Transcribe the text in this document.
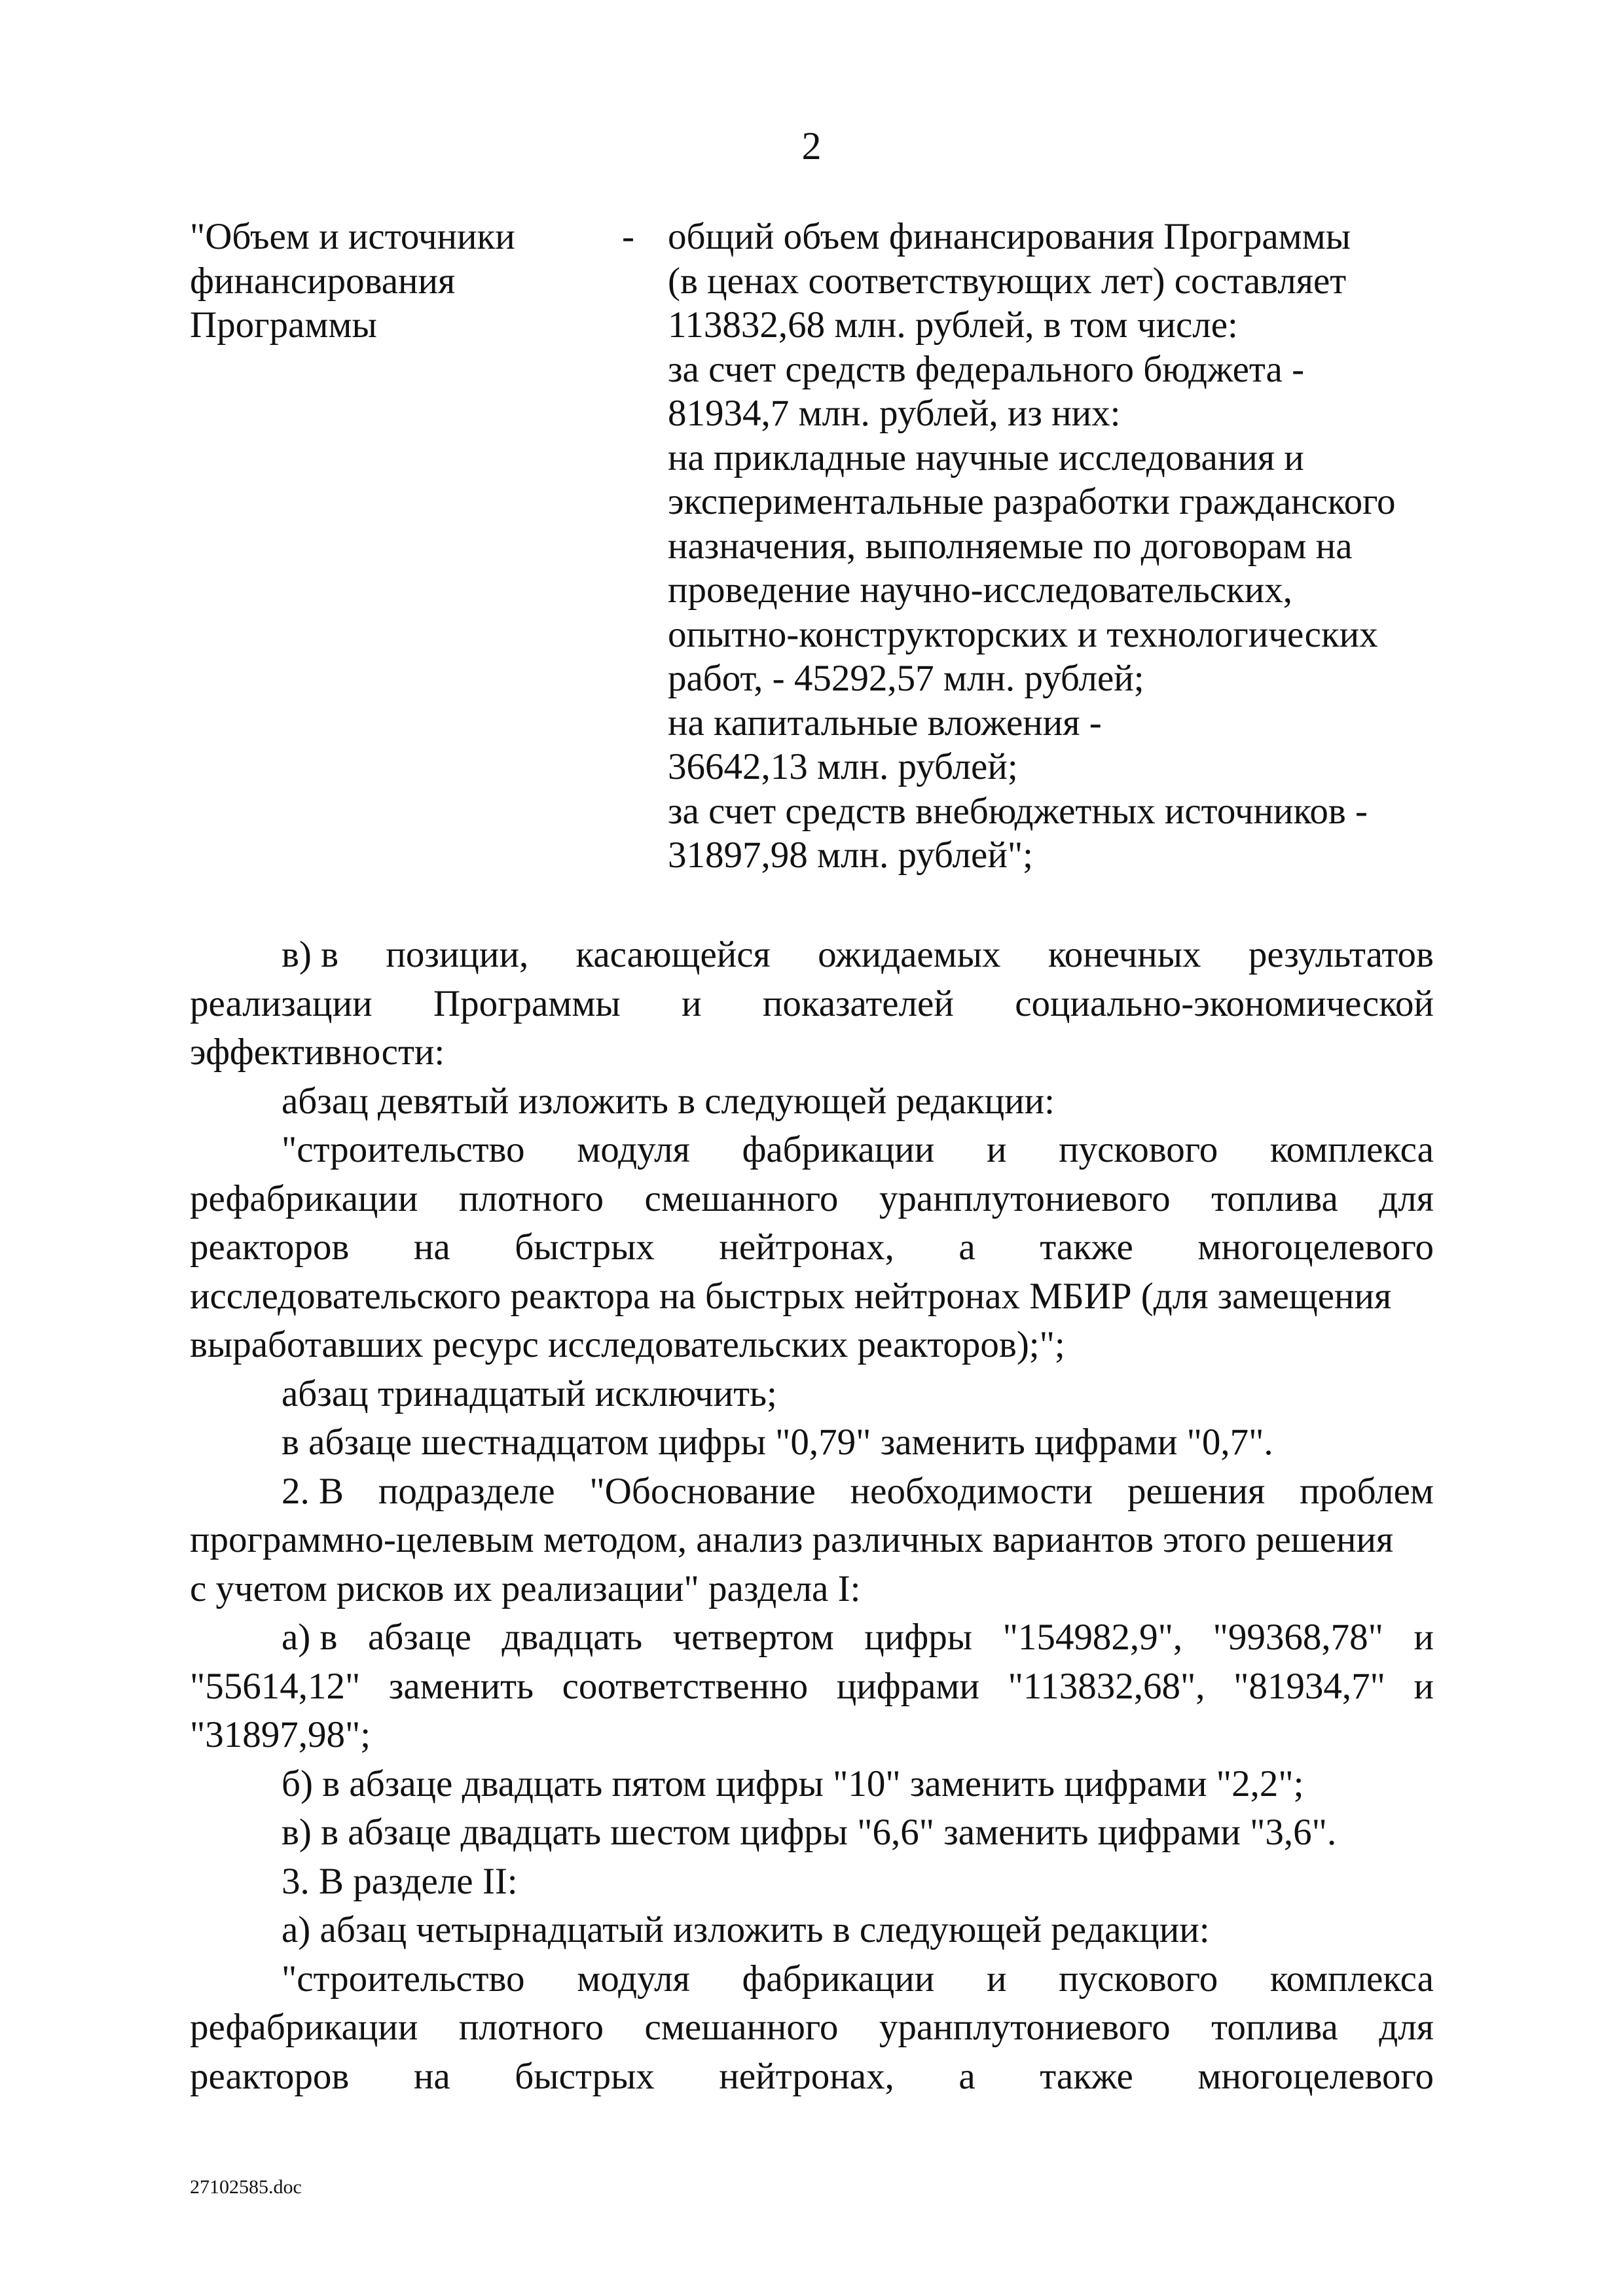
2
"Объем и источники
финансирования
Программы
- общий объем финансирования Программы
(в ценах соответствующих лет) составляет
113832,68 млн. рублей, в том числе:
за счет средств федерального бюджета -
81934,7 млн. рублей, из них:
на прикладные научные исследования и
экспериментальные разработки гражданского
назначения, выполняемые по договорам на
проведение научно-исследовательских,
опытно-конструкторских и технологических
работ, - 45292,57 млн. рублей;
на капитальные вложения -
36642,13 млн. рублей;
за счет средств внебюджетных источников -
31897,98 млн. рублей";
в) в позиции, касающейся ожидаемых конечных результатов
реализации Программы и показателей социально-экономической
эффективности:
абзац девятый изложить в следующей редакции:
"строительство модуля фабрикации и пускового комплекса
рефабрикации плотного смешанного уранплутониевого топлива для
реакторов на быстрых нейтронах, а также многоцелевого
исследовательского реактора на быстрых нейтронах МБИР (для замещения
выработавших ресурс исследовательских реакторов);";
абзац тринадцатый исключить;
в абзаце шестнадцатом цифры "0,79" заменить цифрами "0,7".
2. В подразделе "Обоснование необходимости решения проблем
программно-целевым методом, анализ различных вариантов этого решения
с учетом рисков их реализации" раздела I:
а) в абзаце двадцать четвертом цифры "154982,9", "99368,78" и
"55614,12" заменить соответственно цифрами "113832,68", "81934,7" и
"31897,98";
б) в абзаце двадцать пятом цифры "10" заменить цифрами "2,2";
в) в абзаце двадцать шестом цифры "6,6" заменить цифрами "3,6".
3. В разделе II:
а) абзац четырнадцатый изложить в следующей редакции:
"строительство модуля фабрикации и пускового комплекса
рефабрикации плотного смешанного уранплутониевого топлива для
реакторов на быстрых нейтронах, а также многоцелевого
27102585.doc
